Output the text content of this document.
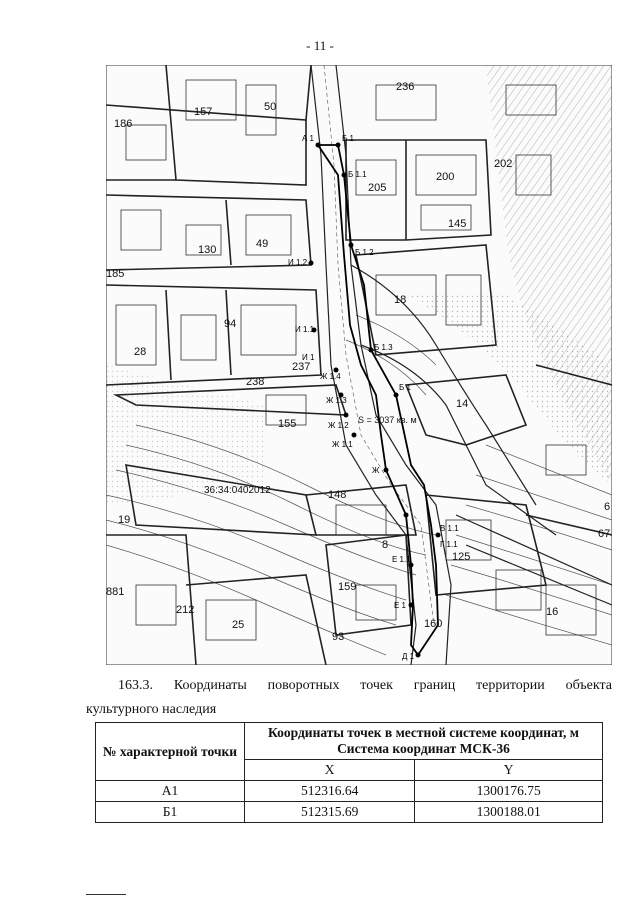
- 11 -
236
186
157	50
205
200
202
145
130	49
185
18
94
28
237
238
14
155	S = 3037 кв. м
36:34:0402012	148
19
8
125
6
67
159
881
212
25
93
160
16
А 1	Б 1
Б 1.1
Б 1.2
И 1.2
И 1.1
И 1
Б 1.3
Б 1
Ж 1.4
Ж 1.3
Ж 1.2
Ж 1.1
Ж
В 1.1
Е 1.1
Е 1
Г 1.1
Д 1
163.3. Координаты поворотных точек границ территории объекта
культурного наследия
№ характерной точки	Координаты точек в местной системе координат, м
Система координат МСК-36	

	X	Y
А1	512316.64	1300176.75
Б1	512315.69	1300188.01
